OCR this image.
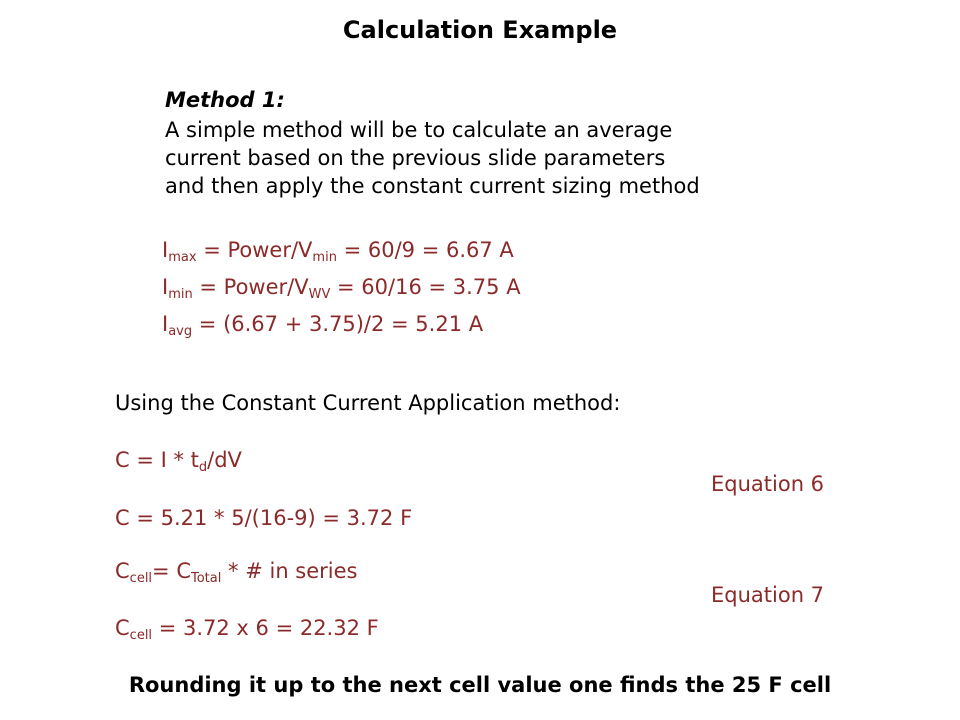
Calculation Example
Method 1:
A simple method will be to calculate an average
current based on the previous slide parameters
and then apply the constant current sizing method
$I_{max}$ = Power/$V_{min} = 60/9 = 6.67$ A
$I_{min}$ = Power/$V_{WV} = 60/16 = 3.75$ A
$I_{avg} = (6.67 + 3.75)/2 = 5.21$ A
Using the Constant Current Application method:
$C = I * t_d/dV$
Equation 6
C = 5.21 * 5/(16-9) = 3.72 F
$C_{cell}= C_{Total}$ * # in series
Equation 7
$C_{cell} = 3.72$ x 6 = 22.32 F
Rounding it up to the next cell value one finds the 25 F cell
